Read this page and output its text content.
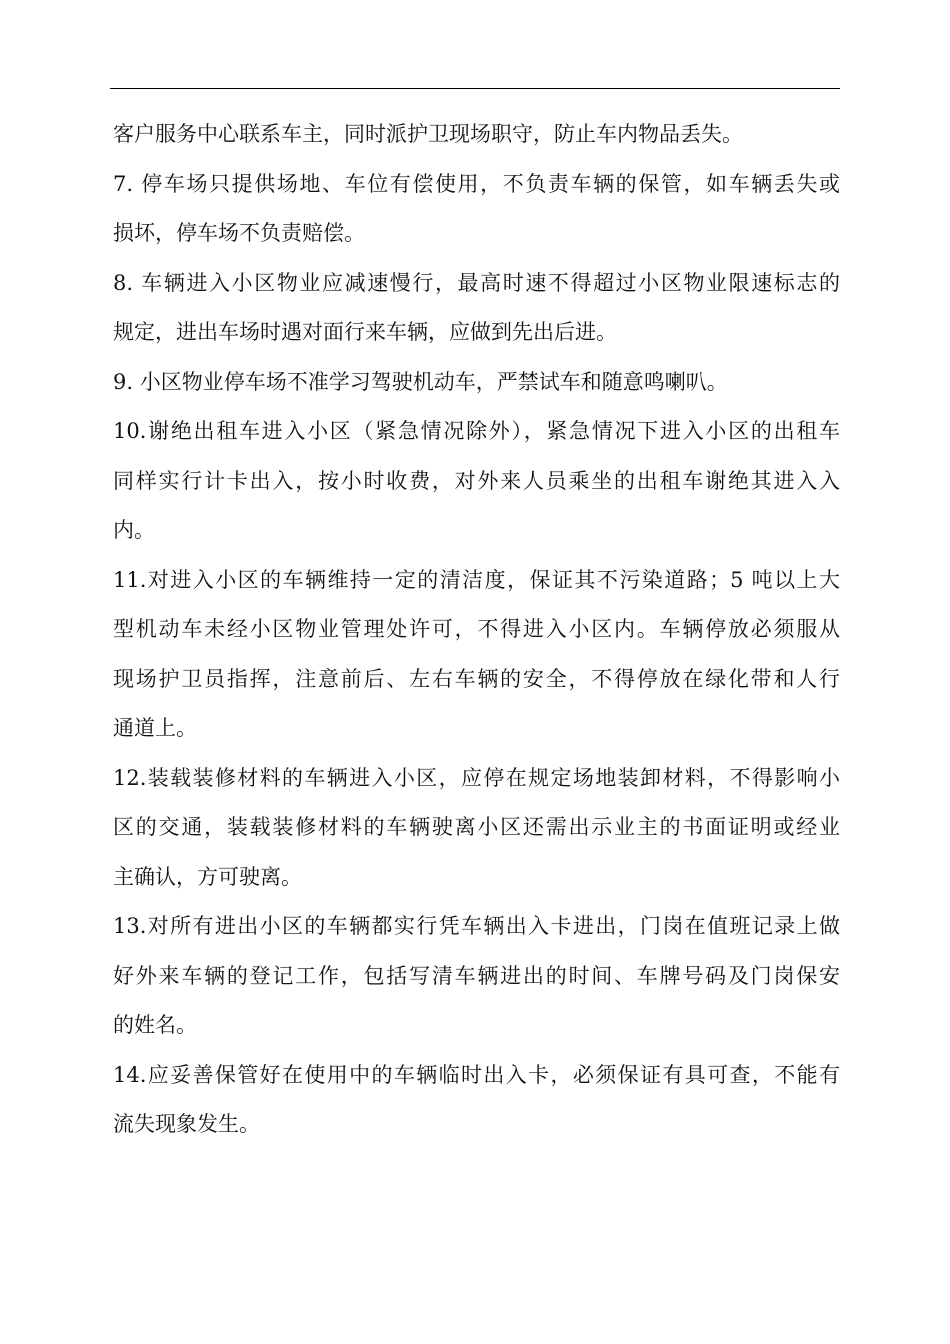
客户服务中心联系车主，同时派护卫现场职守，防止车内物品丢失。
7. 停车场只提供场地、车位有偿使用，不负责车辆的保管，如车辆丢失或
损坏，停车场不负责赔偿。
8. 车辆进入小区物业应减速慢行，最高时速不得超过小区物业限速标志的
规定，进出车场时遇对面行来车辆，应做到先出后进。
9. 小区物业停车场不准学习驾驶机动车，严禁试车和随意鸣喇叭。
10.谢绝出租车进入小区（紧急情况除外），紧急情况下进入小区的出租车
同样实行计卡出入，按小时收费，对外来人员乘坐的出租车谢绝其进入入
内。
11.对进入小区的车辆维持一定的清洁度，保证其不污染道路；5 吨以上大
型机动车未经小区物业管理处许可，不得进入小区内。车辆停放必须服从
现场护卫员指挥，注意前后、左右车辆的安全，不得停放在绿化带和人行
通道上。
12.装载装修材料的车辆进入小区，应停在规定场地装卸材料，不得影响小
区的交通，装载装修材料的车辆驶离小区还需出示业主的书面证明或经业
主确认，方可驶离。
13.对所有进出小区的车辆都实行凭车辆出入卡进出，门岗在值班记录上做
好外来车辆的登记工作，包括写清车辆进出的时间、车牌号码及门岗保安
的姓名。
14.应妥善保管好在使用中的车辆临时出入卡，必须保证有具可查，不能有
流失现象发生。
